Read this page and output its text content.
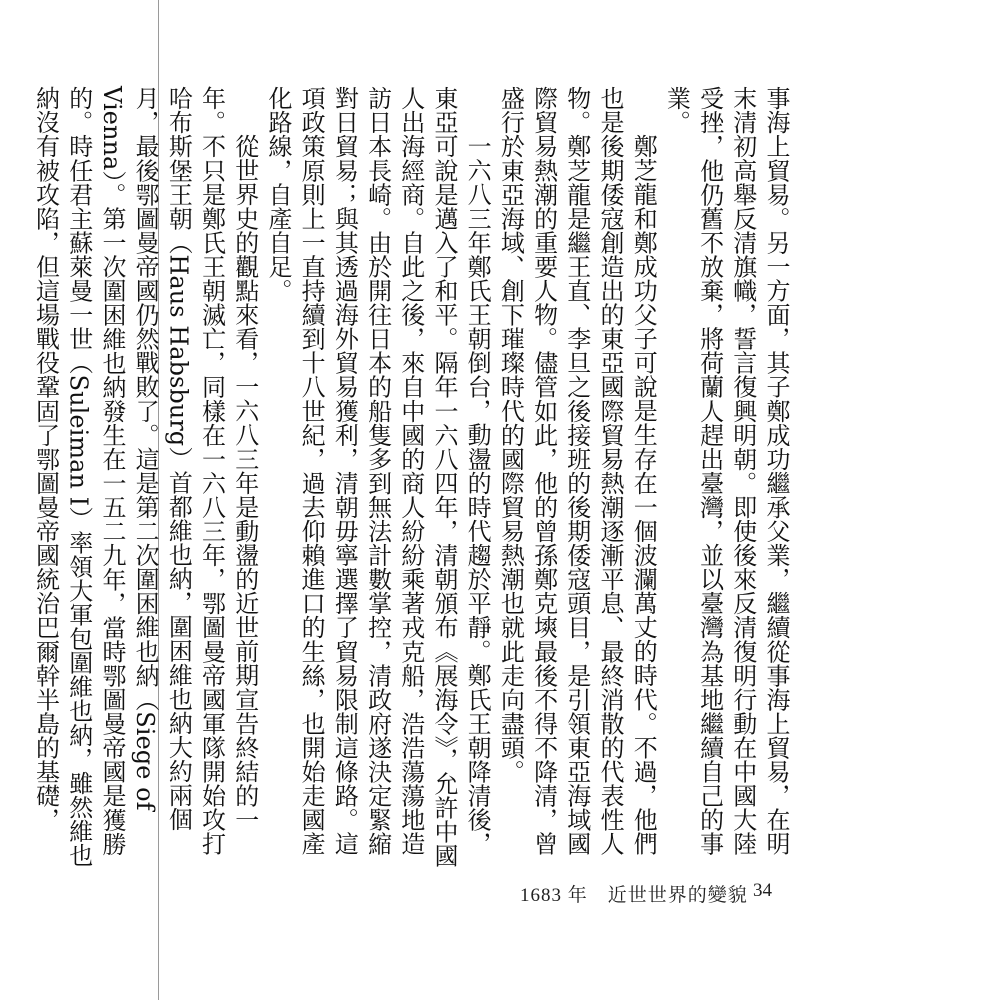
事海上貿易。另一方面，其子鄭成功繼承父業，繼續從事海上貿易，在明末清初高舉反清旗幟，誓言復興明朝。即使後來反清復明行動在中國大陸受挫，他仍舊不放棄，將荷蘭人趕出臺灣，並以臺灣為基地繼續自己的事業。

鄭芝龍和鄭成功父子可說是生存在一個波瀾萬丈的時代。不過，他們也是後期倭寇創造出的東亞國際貿易熱潮逐漸平息、最終消散的代表性人物。鄭芝龍是繼王直、李旦之後接班的後期倭寇頭目，是引領東亞海域國際貿易熱潮的重要人物。儘管如此，他的曾孫鄭克塽最後不得不降清，曾盛行於東亞海域、創下璀璨時代的國際貿易熱潮也就此走向盡頭。

一六八三年鄭氏王朝倒台，動盪的時代趨於平靜。鄭氏王朝降清後，東亞可說是邁入了和平。隔年一六八四年，清朝頒布《展海令》，允許中國人出海經商。自此之後，來自中國的商人紛紛乘著戎克船，浩浩蕩蕩地造訪日本長崎。由於開往日本的船隻多到無法計數掌控，清政府遂決定緊縮對日貿易；與其透過海外貿易獲利，清朝毋寧選擇了貿易限制這條路。這項政策原則上一直持續到十八世紀，過去仰賴進口的生絲，也開始走國產化路線，自產自足。

從世界史的觀點來看，一六八三年是動盪的近世前期宣告終結的一年。不只是鄭氏王朝滅亡，同樣在一六八三年，鄂圖曼帝國軍隊開始攻打哈布斯堡王朝（Haus Habsburg）首都維也納，圍困維也納大約兩個月，最後鄂圖曼帝國仍然戰敗了。這是第二次圍困維也納（Siege of Vienna）。第一次圍困維也納發生在一五二九年，當時鄂圖曼帝國是獲勝的。時任君主蘇萊曼一世（Suleiman I）率領大軍包圍維也納，雖然維也納沒有被攻陷，但這場戰役鞏固了鄂圖曼帝國統治巴爾幹半島的基礎，

1683 年　近世世界的變貌 34
